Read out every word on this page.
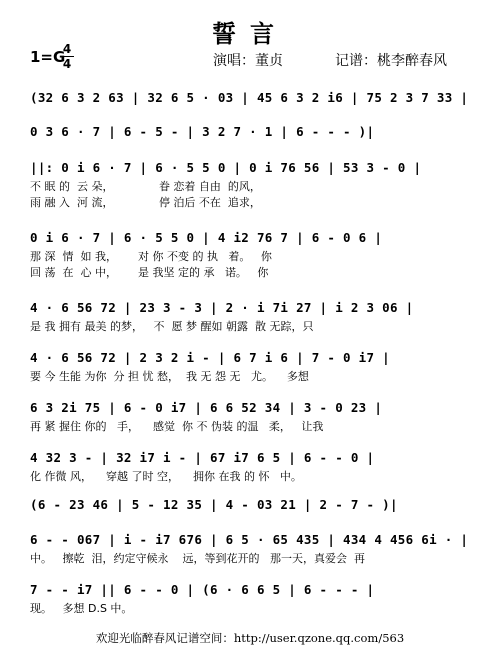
誓言
1=G
4
4	演唱：董贞	记谱：桃李醉春风
(32 6 3 2 63 | 32 6 5 · 03 | 45 6 3 2 i6 | 75 2 3 7 33 |
0 3 6 · 7 | 6 - 5 - | 3 2 7 · 1 | 6 - - - )|
||: 0 i 6 · 7 | 6 · 5 5 0 | 0 i 76 56 | 53 3 - 0 |
不 眠 的  云 朵，             眷 恋着 自由  的风，
雨 融 入  河 流，             停 泊后 不在  追求，
0 i 6 · 7 | 6 · 5 5 0 | 4 i2 76 7 | 6 - 0 6 |
那 深  情  如 我，      对 你 不变 的 执   着。   你
回 荡  在  心 中，      是 我坚 定的 承   诺。   你
4 · 6 56 72 | 23 3 - 3 | 2 · i 7i 27 | i 2 3 06 |
是 我 拥有 最美 的梦，   不  愿 梦 醒如 朝露  散 无踪，只
4 · 6 56 72 | 2 3 2 i - | 6 7 i 6 | 7 - 0 i7 |
要 今 生能 为你  分 担 忧 愁，  我 无 怨 无   尤。    多想
6 3 2i 75 | 6 - 0 i7 | 6 6 52 34 | 3 - 0 23 |
再 紧 握住 你的   手，    感觉  你 不 伪装 的温   柔，   让我
4 32 3 - | 32 i7 i - | 67 i7 6 5 | 6 - - 0 |
化 作微 风，    穿越 了时 空，    拥你 在我 的 怀   中。
(6 - 23 46 | 5 - 12 35 | 4 - 03 21 | 2 - 7 - )|
6 - - 067 | i - i7 676 | 6 5 · 65 435 | 434 4 456 6i · |
中。   擦乾  泪，约定守候永    远，等到花开的   那一天，真爱会  再
7 - - i7 || 6 - - 0 | (6 · 6 6 5 | 6 - - - |
现。   多想 D.S 中。
欢迎光临醉春风记谱空间：http://user.qzone.qq.com/563
